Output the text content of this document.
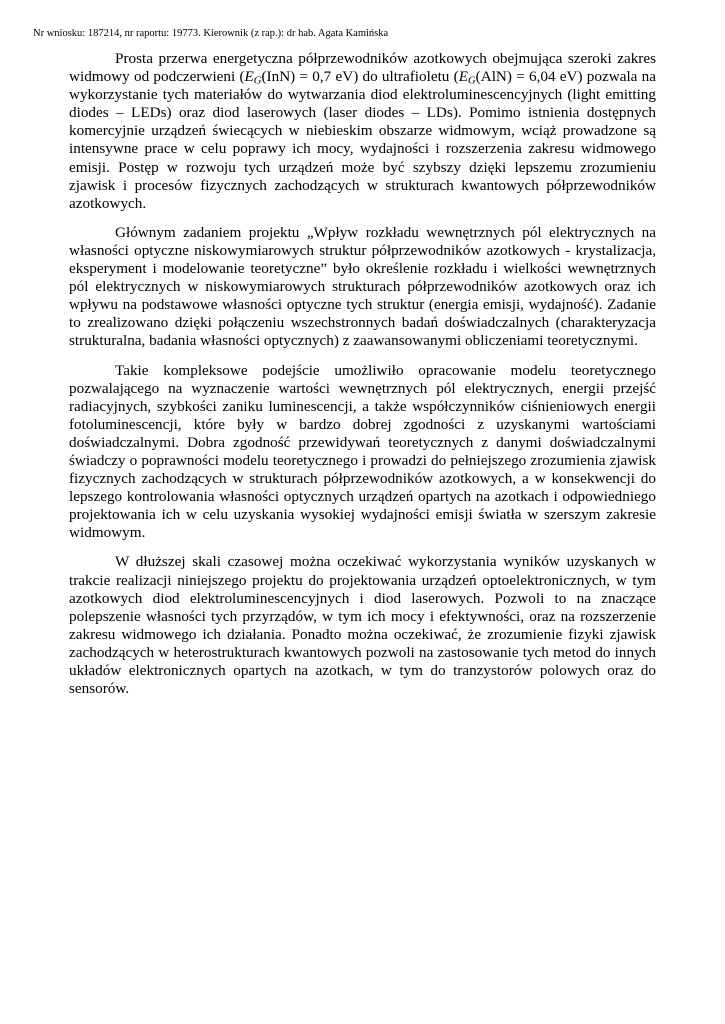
Nr wniosku: 187214, nr raportu: 19773. Kierownik (z rap.): dr hab. Agata Kamińska

Prosta przerwa energetyczna półprzewodników azotkowych obejmująca szeroki zakres widmowy od podczerwieni ($E_G(InN) = 0,7$ eV) do ultrafioletu ($E_G(AlN) = 6,04$ eV) pozwala na wykorzystanie tych materiałów do wytwarzania diod elektroluminescencyjnych (light emitting diodes – LEDs) oraz diod laserowych (laser diodes – LDs). Pomimo istnienia dostępnych komercyjnie urządzeń świecących w niebieskim obszarze widmowym, wciąż prowadzone są intensywne prace w celu poprawy ich mocy, wydajności i rozszerzenia zakresu widmowego emisji. Postęp w rozwoju tych urządzeń może być szybszy dzięki lepszemu zrozumieniu zjawisk i procesów fizycznych zachodzących w strukturach kwantowych półprzewodników azotkowych.

Głównym zadaniem projektu „Wpływ rozkładu wewnętrznych pól elektrycznych na własności optyczne niskowymiarowych struktur półprzewodników azotkowych - krystalizacja, eksperyment i modelowanie teoretyczne” było określenie rozkładu i wielkości wewnętrznych pól elektrycznych w niskowymiarowych strukturach półprzewodników azotkowych oraz ich wpływu na podstawowe własności optyczne tych struktur (energia emisji, wydajność). Zadanie to zrealizowano dzięki połączeniu wszechstronnych badań doświadczalnych (charakteryzacja strukturalna, badania własności optycznych) z zaawansowanymi obliczeniami teoretycznymi.

Takie kompleksowe podejście umożliwiło opracowanie modelu teoretycznego pozwalającego na wyznaczenie wartości wewnętrznych pól elektrycznych, energii przejść radiacyjnych, szybkości zaniku luminescencji, a także współczynników ciśnieniowych energii fotoluminescencji, które były w bardzo dobrej zgodności z uzyskanymi wartościami doświadczalnymi. Dobra zgodność przewidywań teoretycznych z danymi doświadczalnymi świadczy o poprawności modelu teoretycznego i prowadzi do pełniejszego zrozumienia zjawisk fizycznych zachodzących w strukturach półprzewodników azotkowych, a w konsekwencji do lepszego kontrolowania własności optycznych urządzeń opartych na azotkach i odpowiedniego projektowania ich w celu uzyskania wysokiej wydajności emisji światła w szerszym zakresie widmowym.

W dłuższej skali czasowej można oczekiwać wykorzystania wyników uzyskanych w trakcie realizacji niniejszego projektu do projektowania urządzeń optoelektronicznych, w tym azotkowych diod elektroluminescencyjnych i diod laserowych. Pozwoli to na znaczące polepszenie własności tych przyrządów, w tym ich mocy i efektywności, oraz na rozszerzenie zakresu widmowego ich działania. Ponadto można oczekiwać, że zrozumienie fizyki zjawisk zachodzących w heterostrukturach kwantowych pozwoli na zastosowanie tych metod do innych układów elektronicznych opartych na azotkach, w tym do tranzystorów polowych oraz do sensorów.
